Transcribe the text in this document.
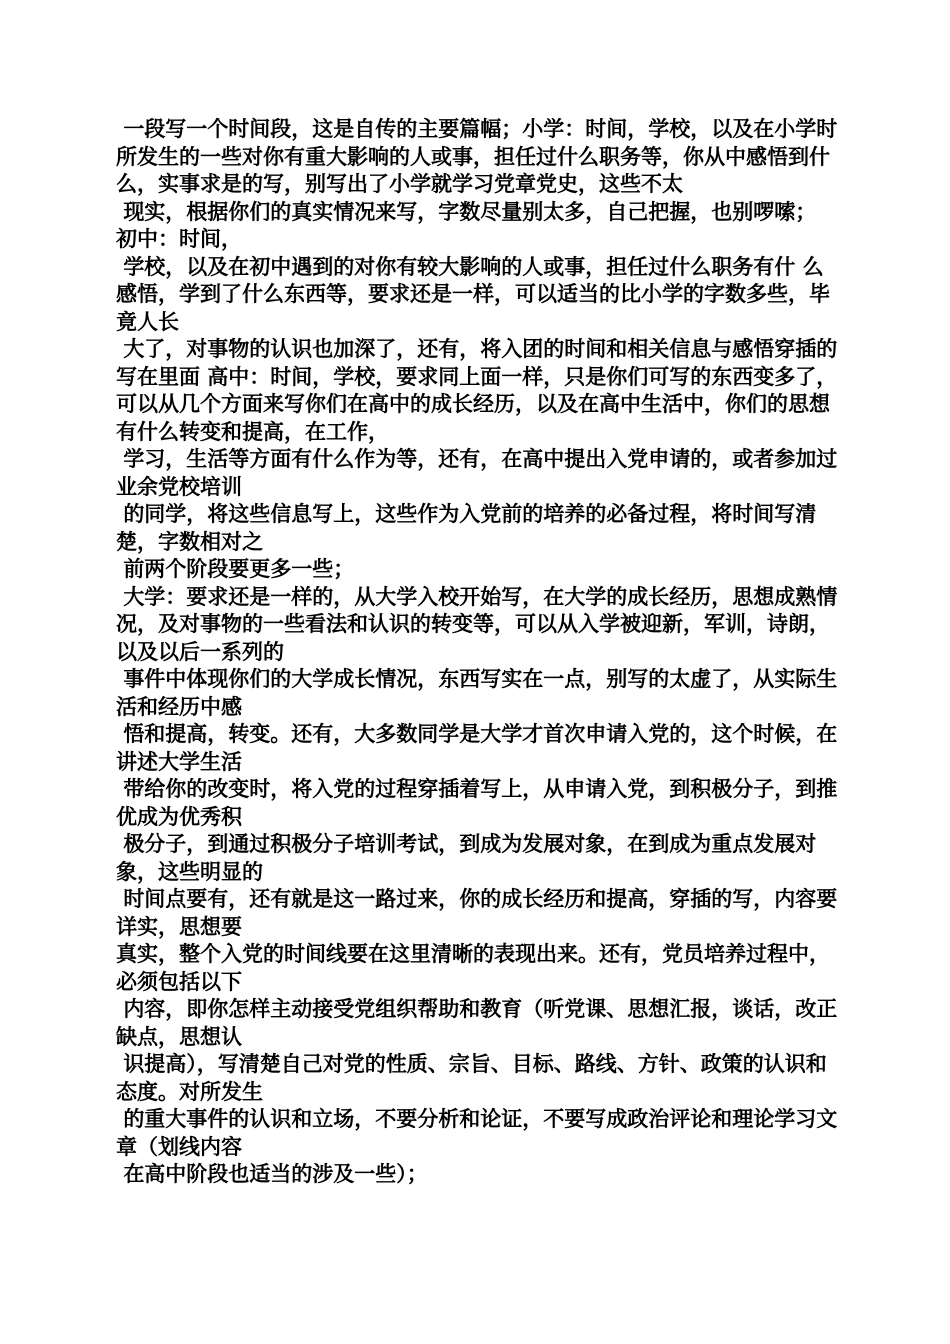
一段写一个时间段，这是自传的主要篇幅；小学：时间，学校，以及在小学时所发生的一些对你有重大影响的人或事，担任过什么职务等，你从中感悟到什么，实事求是的写，别写出了小学就学习党章党史，这些不太

现实，根据你们的真实情况来写，字数尽量别太多，自己把握，也别啰嗦； 初中：时间，

学校，以及在初中遇到的对你有较大影响的人或事，担任过什么职务有什 么感悟，学到了什么东西等，要求还是一样，可以适当的比小学的字数多些，毕竟人长

大了，对事物的认识也加深了，还有，将入团的时间和相关信息与感悟穿插的写在里面 高中：时间，学校，要求同上面一样，只是你们可写的东西变多了，可以从几个方面来写你们在高中的成长经历，以及在高中生活中，你们的思想有什么转变和提高，在工作，

学习，生活等方面有什么作为等，还有，在高中提出入党申请的，或者参加过业余党校培训

的同学，将这些信息写上，这些作为入党前的培养的必备过程，将时间写清楚，字数相对之

前两个阶段要更多一些；

大学：要求还是一样的，从大学入校开始写，在大学的成长经历，思想成熟情况，及对事物的一些看法和认识的转变等，可以从入学被迎新，军训，诗朗，以及以后一系列的

事件中体现你们的大学成长情况，东西写实在一点，别写的太虚了，从实际生活和经历中感

悟和提高，转变。还有，大多数同学是大学才首次申请入党的，这个时候，在讲述大学生活

带给你的改变时，将入党的过程穿插着写上，从申请入党，到积极分子，到推优成为优秀积

极分子，到通过积极分子培训考试，到成为发展对象，在到成为重点发展对象，这些明显的

时间点要有，还有就是这一路过来，你的成长经历和提高，穿插的写，内容要详实，思想要

真实，整个入党的时间线要在这里清晰的表现出来。还有，党员培养过程中，必须包括以下

内容，即你怎样主动接受党组织帮助和教育（听党课、思想汇报，谈话，改正缺点，思想认

识提高），写清楚自己对党的性质、宗旨、目标、路线、方针、政策的认识和态度。对所发生

的重大事件的认识和立场，不要分析和论证，不要写成政治评论和理论学习文章（划线内容

在高中阶段也适当的涉及一些）；
